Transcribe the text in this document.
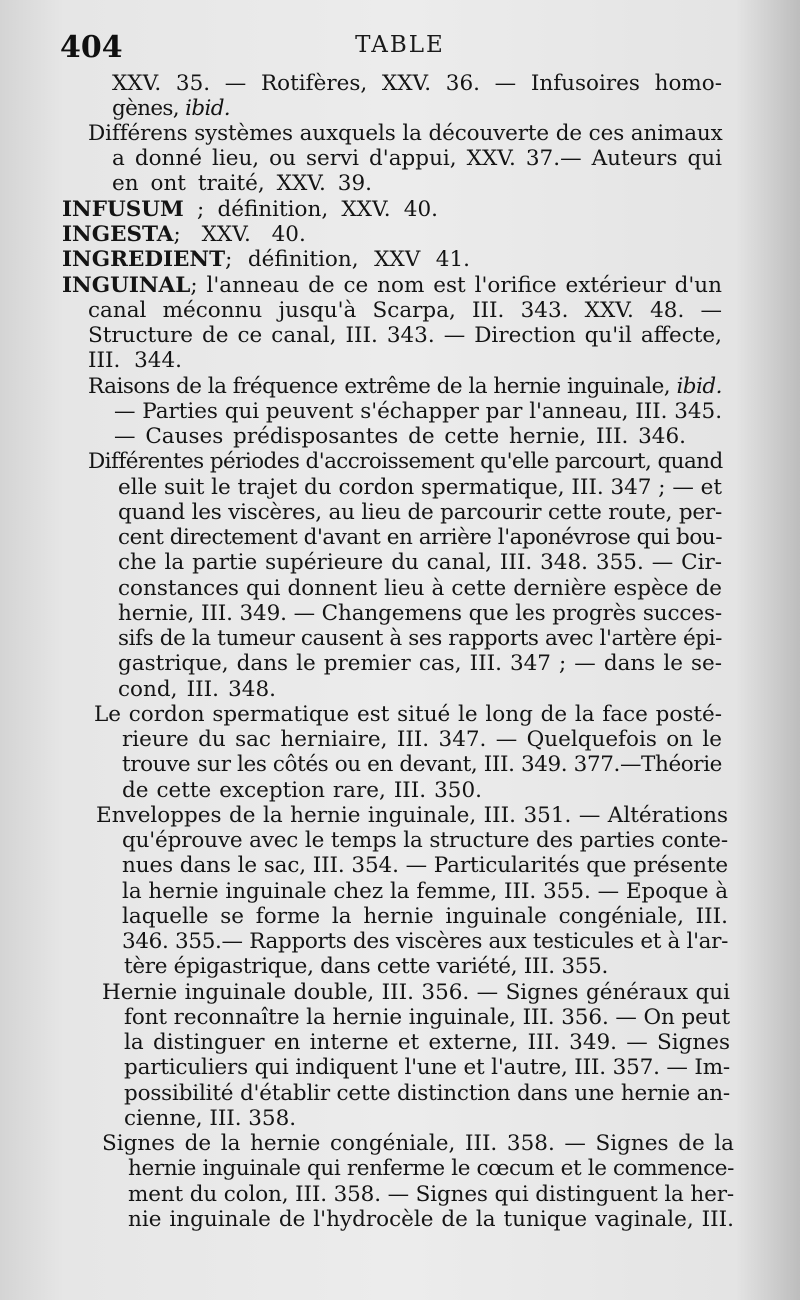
404	TABLE
XXV. 35. — Rotifères, XXV. 36. — Infusoires homo-
gènes, ibid.
Différens systèmes auxquels la découverte de ces animaux
a donné lieu, ou servi d'appui, XXV. 37.— Auteurs qui
en ont traité, XXV. 39.
INFUSUM ; définition, XXV. 40.
INGESTA; XXV. 40.
INGREDIENT; définition, XXV 41.
INGUINAL; l'anneau de ce nom est l'orifice extérieur d'un
canal méconnu jusqu'à Scarpa, III. 343. XXV. 48. —
Structure de ce canal, III. 343. — Direction qu'il affecte,
III. 344.
Raisons de la fréquence extrême de la hernie inguinale, ibid.
— Parties qui peuvent s'échapper par l'anneau, III. 345.
— Causes prédisposantes de cette hernie, III. 346.
Différentes périodes d'accroissement qu'elle parcourt, quand
elle suit le trajet du cordon spermatique, III. 347 ; — et
quand les viscères, au lieu de parcourir cette route, per-
cent directement d'avant en arrière l'aponévrose qui bou-
che la partie supérieure du canal, III. 348. 355. — Cir-
constances qui donnent lieu à cette dernière espèce de
hernie, III. 349. — Changemens que les progrès succes-
sifs de la tumeur causent à ses rapports avec l'artère épi-
gastrique, dans le premier cas, III. 347 ; — dans le se-
cond, III. 348.
Le cordon spermatique est situé le long de la face posté-
rieure du sac herniaire, III. 347. — Quelquefois on le
trouve sur les côtés ou en devant, III. 349. 377.—Théorie
de cette exception rare, III. 350.
Enveloppes de la hernie inguinale, III. 351. — Altérations
qu'éprouve avec le temps la structure des parties conte-
nues dans le sac, III. 354. — Particularités que présente
la hernie inguinale chez la femme, III. 355. — Epoque à
laquelle se forme la hernie inguinale congéniale, III.
346. 355.— Rapports des viscères aux testicules et à l'ar-
tère épigastrique, dans cette variété, III. 355.
Hernie inguinale double, III. 356. — Signes généraux qui
font reconnaître la hernie inguinale, III. 356. — On peut
la distinguer en interne et externe, III. 349. — Signes
particuliers qui indiquent l'une et l'autre, III. 357. — Im-
possibilité d'établir cette distinction dans une hernie an-
cienne, III. 358.
Signes de la hernie congéniale, III. 358. — Signes de la
hernie inguinale qui renferme le cœcum et le commence-
ment du colon, III. 358. — Signes qui distinguent la her-
nie inguinale de l'hydrocèle de la tunique vaginale, III.
